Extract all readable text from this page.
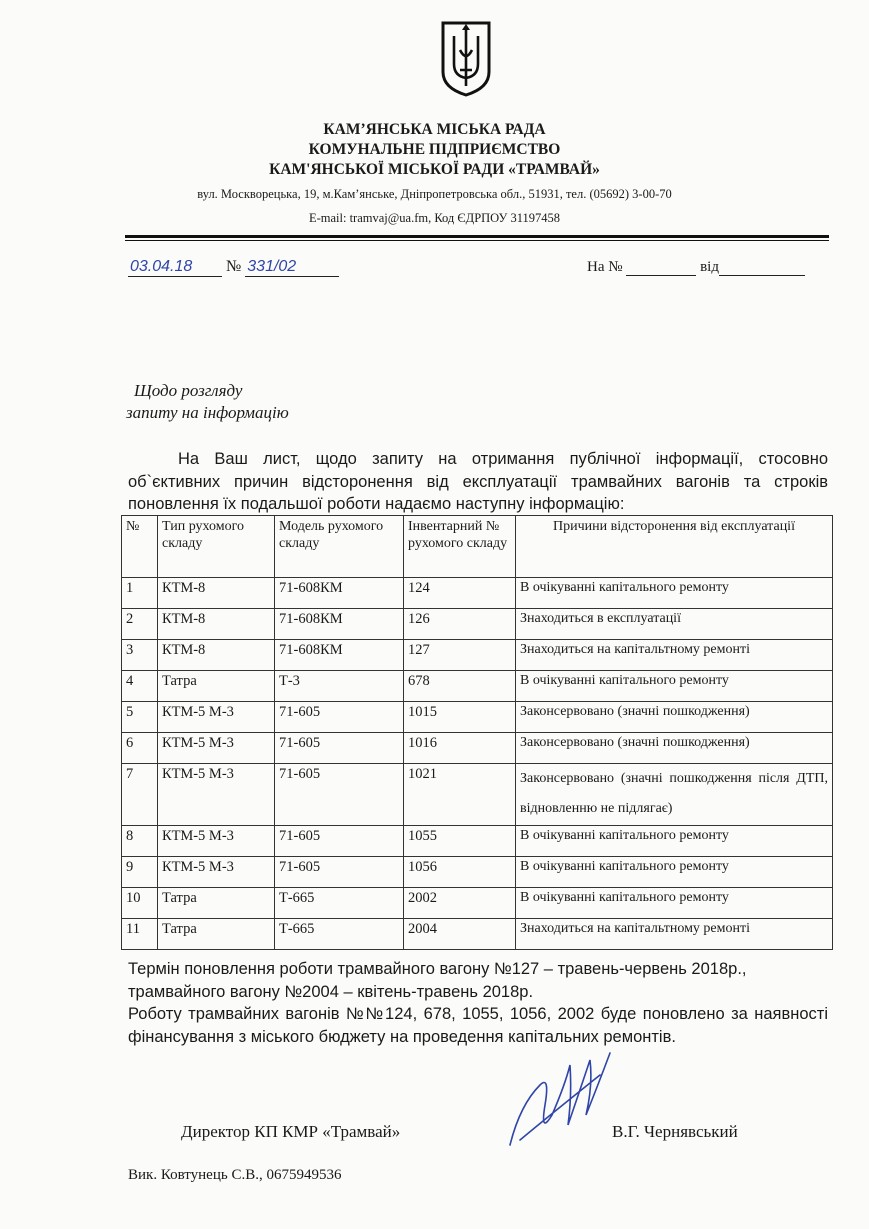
КАМ’ЯНСЬКА МІСЬКА РАДА
КОМУНАЛЬНЕ ПІДПРИЄМСТВО
КАМ'ЯНСЬКОЇ МІСЬКОЇ РАДИ «ТРАМВАЙ»
вул. Москворецька, 19, м.Кам’янське, Дніпропетровська обл., 51931, тел. (05692) 3-00-70
E-mail: tramvaj@ua.fm, Код ЄДРПОУ 31197458
03.04.18 № 331/02	На №	від
Щодо розгляду
запиту на інформацію
На Ваш лист, щодо запиту на отримання публічної інформації, стосовно об`єктивних причин відсторонення від експлуатації трамвайних вагонів та строків поновлення їх подальшої роботи надаємо наступну інформацію:
№	Тип рухомого складу	Модель рухомого складу	Інвентарний № рухомого складу	Причини відсторонення від експлуатації
1	КТМ-8	71-608КМ	124	В очікуванні капітального ремонту
2	КТМ-8	71-608КМ	126	Знаходиться в експлуатації
3	КТМ-8	71-608КМ	127	Знаходиться на капітальтному ремонті
4	Татра	Т-3	678	В очікуванні капітального ремонту
5	КТМ-5 М-3	71-605	1015	Законсервовано (значні пошкодження)
6	КТМ-5 М-3	71-605	1016	Законсервовано (значні пошкодження)
7	КТМ-5 М-3	71-605	1021	Законсервовано (значні пошкодження після ДТП, відновленню не підлягає)
8	КТМ-5 М-3	71-605	1055	В очікуванні капітального ремонту
9	КТМ-5 М-3	71-605	1056	В очікуванні капітального ремонту
10	Татра	Т-665	2002	В очікуванні капітального ремонту
11	Татра	Т-665	2004	Знаходиться на капітальтному ремонті
Термін поновлення роботи трамвайного вагону №127 – травень-червень 2018р.,
трамвайного вагону №2004 – квітень-травень 2018р.
Роботу трамвайних вагонів №№124, 678, 1055, 1056, 2002 буде поновлено за наявності фінансування з міського бюджету на проведення капітальних ремонтів.
Директор КП КМР «Трамвай»	В.Г. Чернявський
Вик. Ковтунець С.В., 0675949536
